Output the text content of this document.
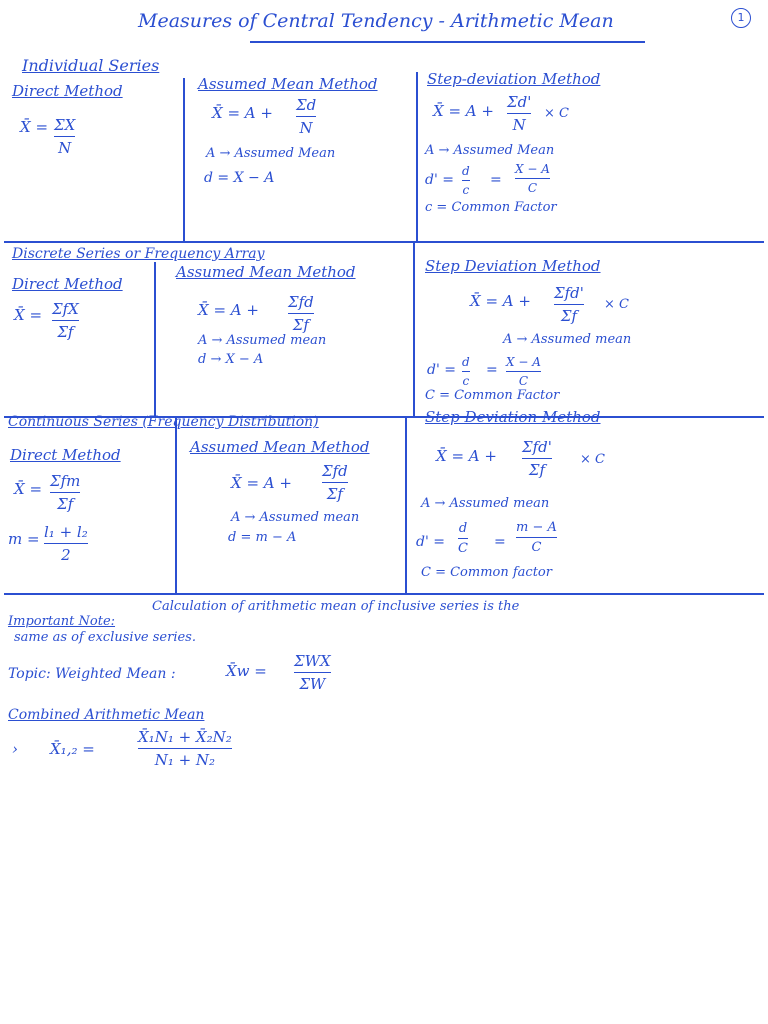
Measures of Central Tendency - Arithmetic Mean	1
Individual Series
Direct Method
X̄ = ΣX
N
Assumed Mean Method
X̄ = A + Σd
N
A → Assumed Mean
d = X − A
Step-deviation Method
X̄ = A + Σd'
N
× C
A → Assumed Mean
d' =
d
c
=
X − A
C
c = Common Factor
Discrete Series or Frequency Array
Direct Method
X̄ = ΣfX
Σf
Assumed Mean Method
X̄ = A + Σfd
Σf
A → Assumed mean
d → X − A
Step Deviation Method
X̄ = A + Σfd'
Σf
× C
A → Assumed mean
d' = d
c
= X − A
C
C = Common Factor
Continuous Series (Frequency Distribution)
Direct Method
X̄ = Σfm
Σf
m = l₁ + l₂
2
Assumed Mean Method
X̄ = A +
Σfd
Σf
A → Assumed mean
d = m − A
Step Deviation Method
X̄ = A + Σfd'
Σf
× C
A → Assumed mean
d' =
d
C =
m − A
C
C = Common factor
Important Note:
Calculation of arithmetic mean of inclusive series is the
same as of exclusive series.
Topic: Weighted Mean :	X̄w =
ΣWX
ΣW
Combined Arithmetic Mean
› X̄₁,₂ =
X̄₁N₁ + X̄₂N₂
N₁ + N₂
